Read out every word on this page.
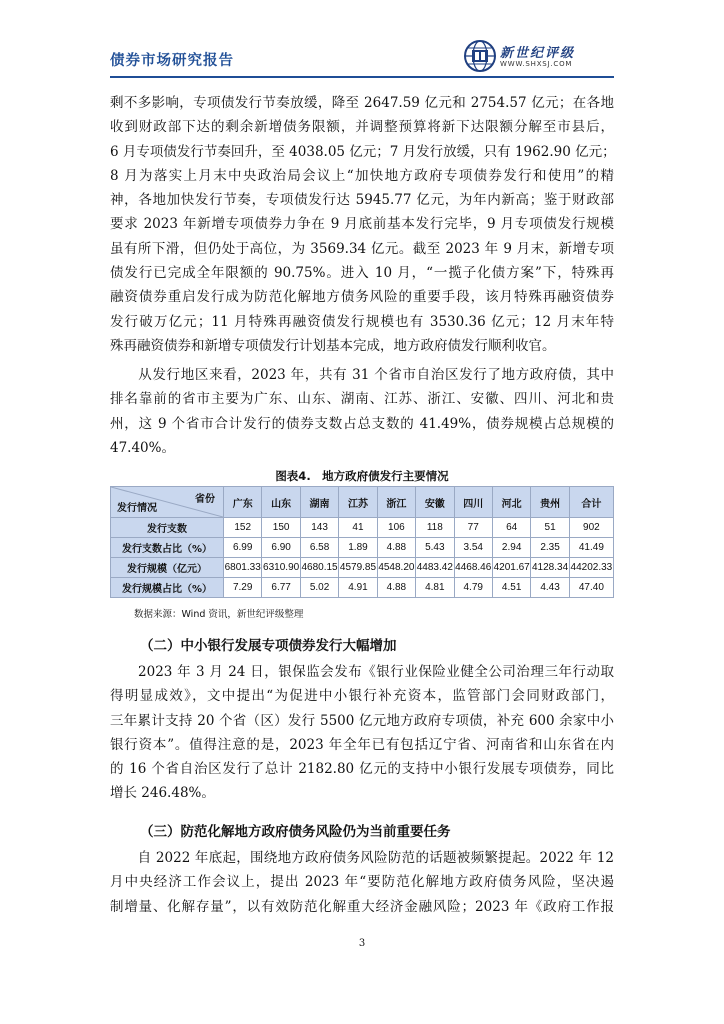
债券市场研究报告	新世纪评级
WWW.SHXSJ.COM
剩不多影响，专项债发行节奏放缓，降至 2647.59 亿元和 2754.57 亿元；在各地
收到财政部下达的剩余新增债务限额，并调整预算将新下达限额分解至市县后，
6 月专项债发行节奏回升，至 4038.05 亿元；7 月发行放缓，只有 1962.90 亿元；
8 月为落实上月末中央政治局会议上“加快地方政府专项债券发行和使用”的精
神，各地加快发行节奏，专项债发行达 5945.77 亿元，为年内新高；鉴于财政部
要求 2023 年新增专项债券力争在 9 月底前基本发行完毕，9 月专项债发行规模
虽有所下滑，但仍处于高位，为 3569.34 亿元。截至 2023 年 9 月末，新增专项
债发行已完成全年限额的 90.75%。进入 10 月，“一揽子化债方案”下，特殊再
融资债券重启发行成为防范化解地方债务风险的重要手段，该月特殊再融资债券
发行破万亿元；11 月特殊再融资债发行规模也有 3530.36 亿元；12 月末年特
殊再融资债券和新增专项债发行计划基本完成，地方政府债发行顺利收官。
　　从发行地区来看，2023 年，共有 31 个省市自治区发行了地方政府债，其中
排名靠前的省市主要为广东、山东、湖南、江苏、浙江、安徽、四川、河北和贵
州，这 9 个省市合计发行的债券支数占总支数的 41.49%，债券规模占总规模的
47.40%。
图表4.　地方政府债发行主要情况
省份
发行情况	广东	山东	湖南	江苏	浙江	安徽	四川	河北	贵州	合计
发行支数	152	150	143	41	106	118	77	64	51	902
发行支数占比（%）	6.99	6.90	6.58	1.89	4.88	5.43	3.54	2.94	2.35	41.49
发行规模（亿元）	6801.33	6310.90	4680.15	4579.85	4548.20	4483.42	4468.46	4201.67	4128.34	44202.33
发行规模占比（%）	7.29	6.77	5.02	4.91	4.88	4.81	4.79	4.51	4.43	47.40
数据来源：Wind 资讯，新世纪评级整理
（二）中小银行发展专项债券发行大幅增加
　　2023 年 3 月 24 日，银保监会发布《银行业保险业健全公司治理三年行动取
得明显成效》，文中提出“为促进中小银行补充资本，监管部门会同财政部门，
三年累计支持 20 个省（区）发行 5500 亿元地方政府专项债，补充 600 余家中小
银行资本”。值得注意的是，2023 年全年已有包括辽宁省、河南省和山东省在内
的 16 个省自治区发行了总计 2182.80 亿元的支持中小银行发展专项债券，同比
增长 246.48%。
（三）防范化解地方政府债务风险仍为当前重要任务
　　自 2022 年底起，围绕地方政府债务风险防范的话题被频繁提起。2022 年 12
月中央经济工作会议上，提出 2023 年“要防范化解地方政府债务风险，坚决遏
制增量、化解存量”，以有效防范化解重大经济金融风险；2023 年《政府工作报
3
